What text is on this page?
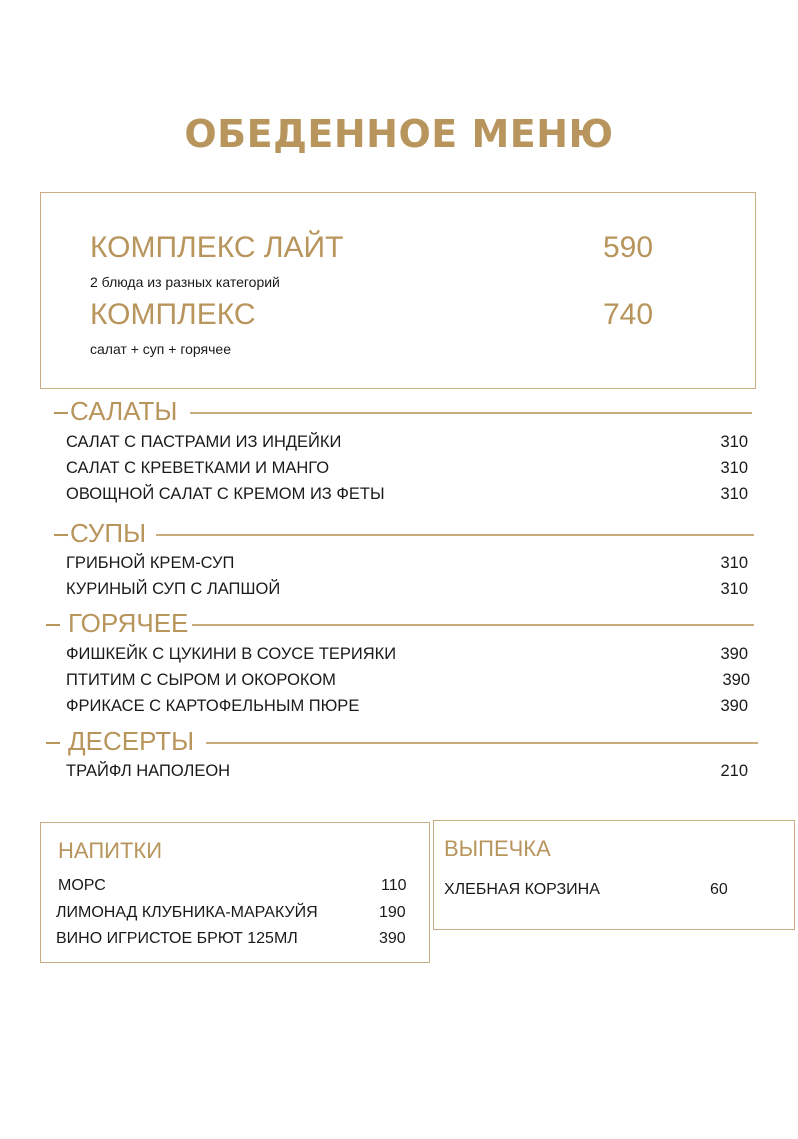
ОБЕДЕННОЕ МЕНЮ
КОМПЛЕКС ЛАЙТ	590
2 блюда из разных категорий
КОМПЛЕКС	740
салат + суп + горячее
САЛАТЫ
САЛАТ С ПАСТРАМИ ИЗ ИНДЕЙКИ	310
САЛАТ С КРЕВЕТКАМИ И МАНГО	310
ОВОЩНОЙ САЛАТ С КРЕМОМ ИЗ ФЕТЫ	310
СУПЫ
ГРИБНОЙ КРЕМ-СУП	310
КУРИНЫЙ СУП С ЛАПШОЙ	310
ГОРЯЧЕЕ
ФИШКЕЙК С ЦУКИНИ В СОУСЕ ТЕРИЯКИ	390
ПТИТИМ С СЫРОМ И ОКОРОКОМ	390
ФРИКАСЕ С КАРТОФЕЛЬНЫМ ПЮРЕ	390
ДЕСЕРТЫ
ТРАЙФЛ НАПОЛЕОН	210
НАПИТКИ
МОРС	110
ЛИМОНАД КЛУБНИКА-МАРАКУЙЯ	190
ВИНО ИГРИСТОЕ БРЮТ 125МЛ	390
ВЫПЕЧКА
ХЛЕБНАЯ КОРЗИНА	60
